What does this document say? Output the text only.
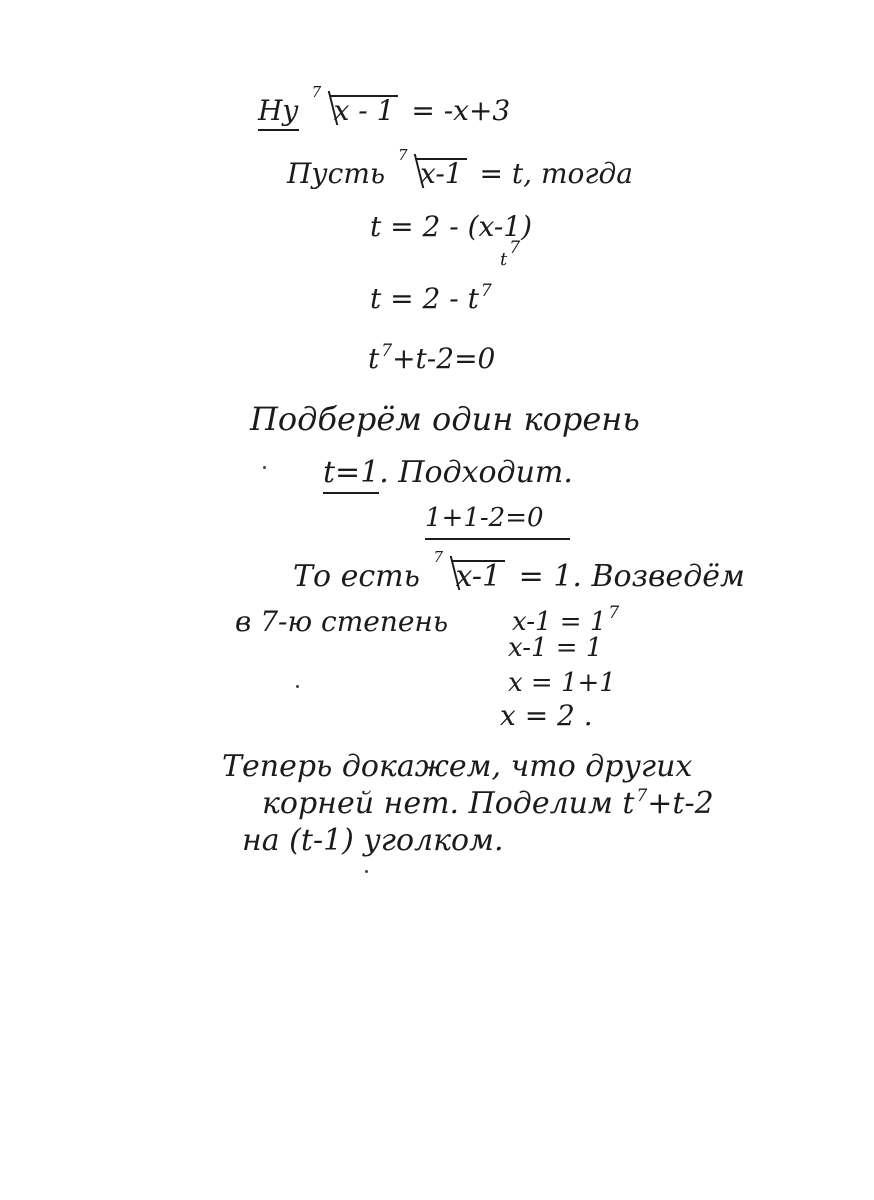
Ну
7
x - 1 = -x+3
Пусть
7
x-1 = t, тогда
t = 2 - (x-1)
$t^7$
t = 2 - t $^7$
t $^7$+t-2=0
Подберём один корень
t=1. Подходит.
1+1-2=0
То есть
7
x-1 = 1. Возведём
в 7-ю степень x-1 = 1 $^7$
x-1 = 1
x = 1+1
x = 2 .
Теперь докажем, что других
корней нет. Поделим t $^7$+t-2
на (t-1) уголком.
